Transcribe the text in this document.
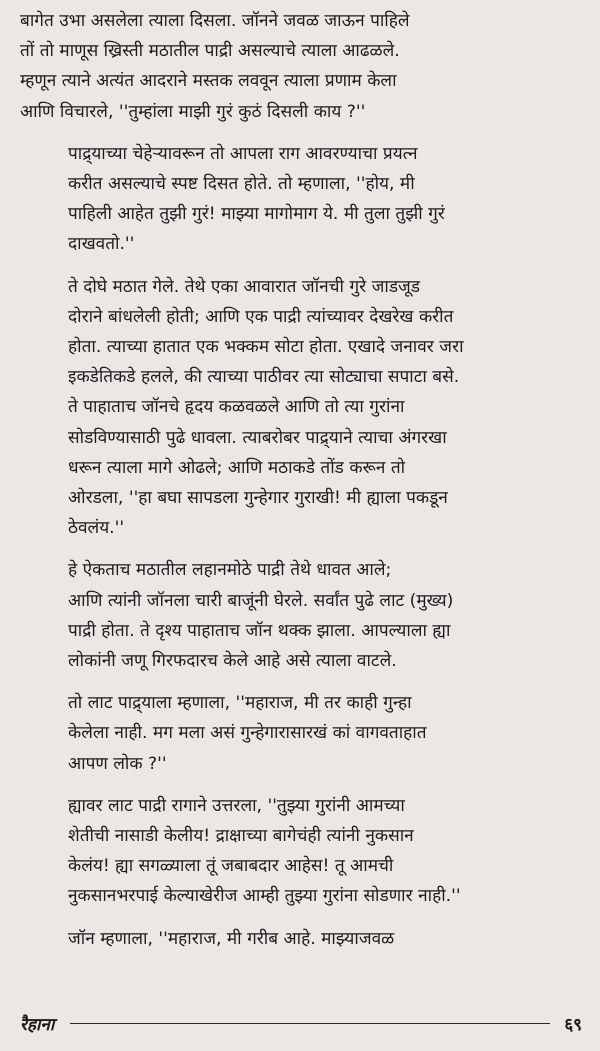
बागेत उभा असलेला त्याला दिसला. जॉनने जवळ जाऊन पाहिले
तों तो माणूस ख्रिस्ती मठातील पाद्री असल्याचे त्याला आढळले.
म्हणून त्याने अत्यंत आदराने मस्तक लववून त्याला प्रणाम केला
आणि विचारले, ''तुम्हांला माझी गुरं कुठं दिसली काय ?''

पाद्र्याच्या चेहेऱ्यावरून तो आपला राग आवरण्याचा प्रयत्न
करीत असल्याचे स्पष्ट दिसत होते. तो म्हणाला, ''होय, मी
पाहिली आहेत तुझी गुरं! माझ्या मागोमाग ये. मी तुला तुझी गुरं
दाखवतो.''

ते दोघे मठात गेले. तेथे एका आवारात जॉनची गुरे जाडजूड
दोराने बांधलेली होती; आणि एक पाद्री त्यांच्यावर देखरेख करीत
होता. त्याच्या हातात एक भक्कम सोटा होता. एखादे जनावर जरा
इकडेतिकडे हलले, की त्याच्या पाठीवर त्या सोट्याचा सपाटा बसे.
ते पाहाताच जॉनचे हृदय कळवळले आणि तो त्या गुरांना
सोडविण्यासाठी पुढे धावला. त्याबरोबर पाद्र्याने त्याचा अंगरखा
धरून त्याला मागे ओढले; आणि मठाकडे तोंड करून तो
ओरडला, ''हा बघा सापडला गुन्हेगार गुराखी! मी ह्याला पकडून
ठेवलंय.''

हे ऐकताच मठातील लहानमोठे पाद्री तेथे धावत आले;
आणि त्यांनी जॉनला चारी बाजूंनी घेरले. सर्वांत पुढे लाट (मुख्य)
पाद्री होता. ते दृश्य पाहाताच जॉन थक्क झाला. आपल्याला ह्या
लोकांनी जणू गिरफदारच केले आहे असे त्याला वाटले.

तो लाट पाद्र्याला म्हणाला, ''महाराज, मी तर काही गुन्हा
केलेला नाही. मग मला असं गुन्हेगारासारखं कां वागवताहात
आपण लोक ?''

ह्यावर लाट पाद्री रागाने उत्तरला, ''तुझ्या गुरांनी आमच्या
शेतीची नासाडी केलीय! द्राक्षाच्या बागेचंही त्यांनी नुकसान
केलंय! ह्या सगळ्याला तूं जबाबदार आहेस! तू आमची
नुकसानभरपाई केल्याखेरीज आम्ही तुझ्या गुरांना सोडणार नाही.''

जॉन म्हणाला, ''महाराज, मी गरीब आहे. माझ्याजवळ

रैहाना	६९
